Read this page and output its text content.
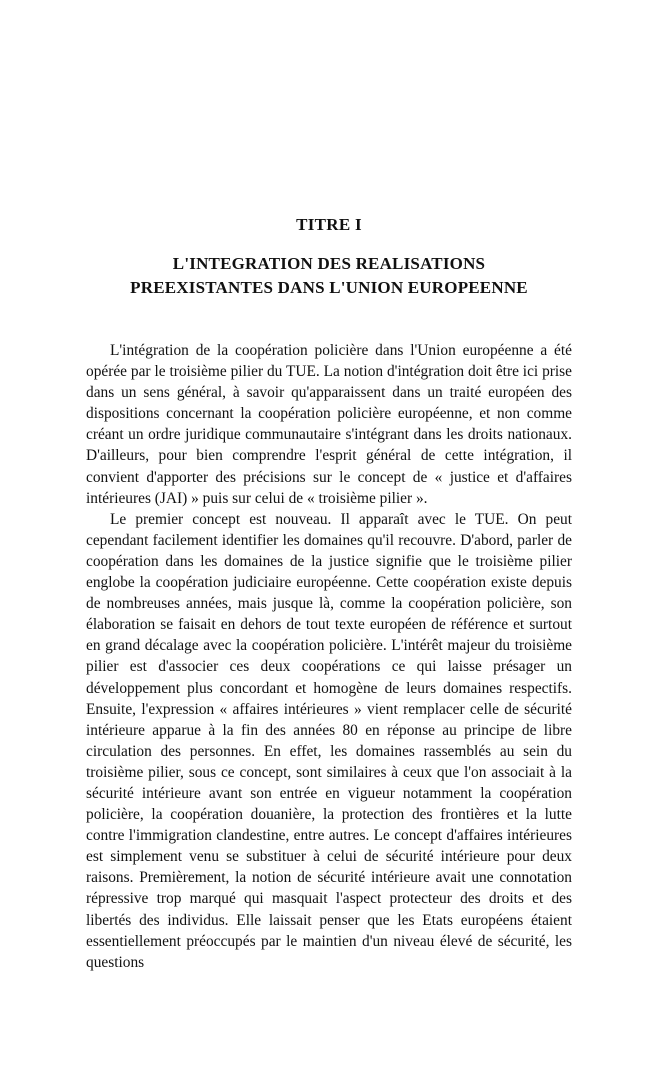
TITRE I
L'INTEGRATION DES REALISATIONS
PREEXISTANTES DANS L'UNION EUROPEENNE

L'intégration de la coopération policière dans l'Union européenne a été opérée par le troisième pilier du TUE. La notion d'intégration doit être ici prise dans un sens général, à savoir qu'apparaissent dans un traité européen des dispositions concernant la coopération policière européenne, et non comme créant un ordre juridique communautaire s'intégrant dans les droits nationaux. D'ailleurs, pour bien comprendre l'esprit général de cette intégration, il convient d'apporter des précisions sur le concept de « justice et d'affaires intérieures (JAI) » puis sur celui de « troisième pilier ».

Le premier concept est nouveau. Il apparaît avec le TUE. On peut cependant facilement identifier les domaines qu'il recouvre. D'abord, parler de coopération dans les domaines de la justice signifie que le troisième pilier englobe la coopération judiciaire européenne. Cette coopération existe depuis de nombreuses années, mais jusque là, comme la coopération policière, son élaboration se faisait en dehors de tout texte européen de référence et surtout en grand décalage avec la coopération policière. L'intérêt majeur du troisième pilier est d'associer ces deux coopérations ce qui laisse présager un développement plus concordant et homogène de leurs domaines respectifs. Ensuite, l'expression « affaires intérieures » vient remplacer celle de sécurité intérieure apparue à la fin des années 80 en réponse au principe de libre circulation des personnes. En effet, les domaines rassemblés au sein du troisième pilier, sous ce concept, sont similaires à ceux que l'on associait à la sécurité intérieure avant son entrée en vigueur notamment la coopération policière, la coopération douanière, la protection des frontières et la lutte contre l'immigration clandestine, entre autres. Le concept d'affaires intérieures est simplement venu se substituer à celui de sécurité intérieure pour deux raisons. Premièrement, la notion de sécurité intérieure avait une connotation répressive trop marqué qui masquait l'aspect protecteur des droits et des libertés des individus. Elle laissait penser que les Etats européens étaient essentiellement préoccupés par le maintien d'un niveau élevé de sécurité, les questions
